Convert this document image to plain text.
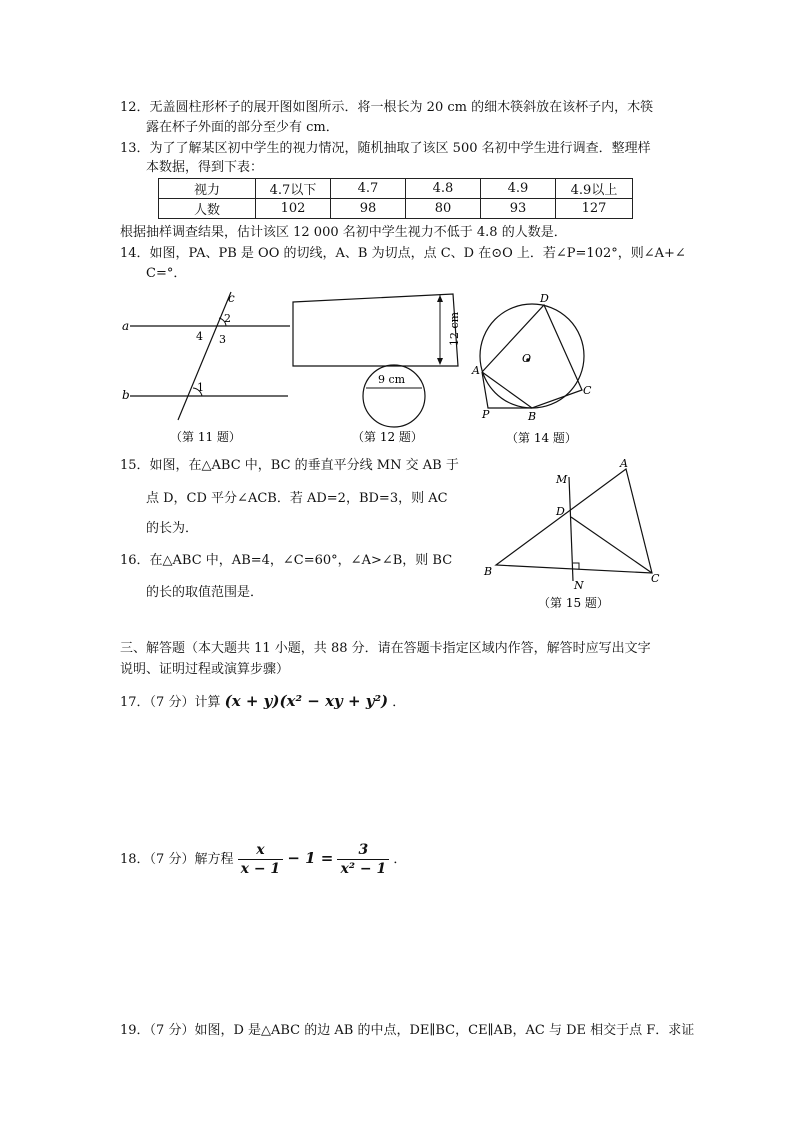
12．无盖圆柱形杯子的展开图如图所示．将一根长为 20 cm 的细木筷斜放在该杯子内，木筷
露在杯子外面的部分至少有 cm．
13．为了了解某区初中学生的视力情况，随机抽取了该区 500 名初中学生进行调查．整理样
本数据，得到下表：
视力	4.7以下	4.7	4.8	4.9	4.9以上
人数	102	98	80	93	127
根据抽样调查结果，估计该区 12 000 名初中学生视力不低于 4.8 的人数是．
14．如图，PA、PB 是 OO 的切线，A、B 为切点，点 C、D 在⊙O 上．若∠P=102°，则∠A+∠
C=°．
a
b
c
2
4 3
1
（第 11 题）
12 cm
9 cm
（第 12 题）
D
A
C
P	B
O
（第 14 题）
15．如图，在△ABC 中，BC 的垂直平分线 MN 交 AB 于
点 D，CD 平分∠ACB．若 AD=2，BD=3，则 AC
的长为．
16．在△ABC 中，AB=4，∠C=60°，∠A>∠B，则 BC
的长的取值范围是．
M
A
D
B
N
C
（第 15 题）
三、解答题（本大题共 11 小题，共 88 分．请在答题卡指定区域内作答，解答时应写出文字
说明、证明过程或演算步骤）
17．（7 分）计算 (x + y)(x² − xy + y²) ．
18．（7 分）解方程 $\frac{x}{x - 1} - 1 = \frac{3}{\text{x² − 1}}$ ．
19．（7 分）如图，D 是△ABC 的边 AB 的中点，DE∥BC，CE∥AB，AC 与 DE 相交于点 F．求证
